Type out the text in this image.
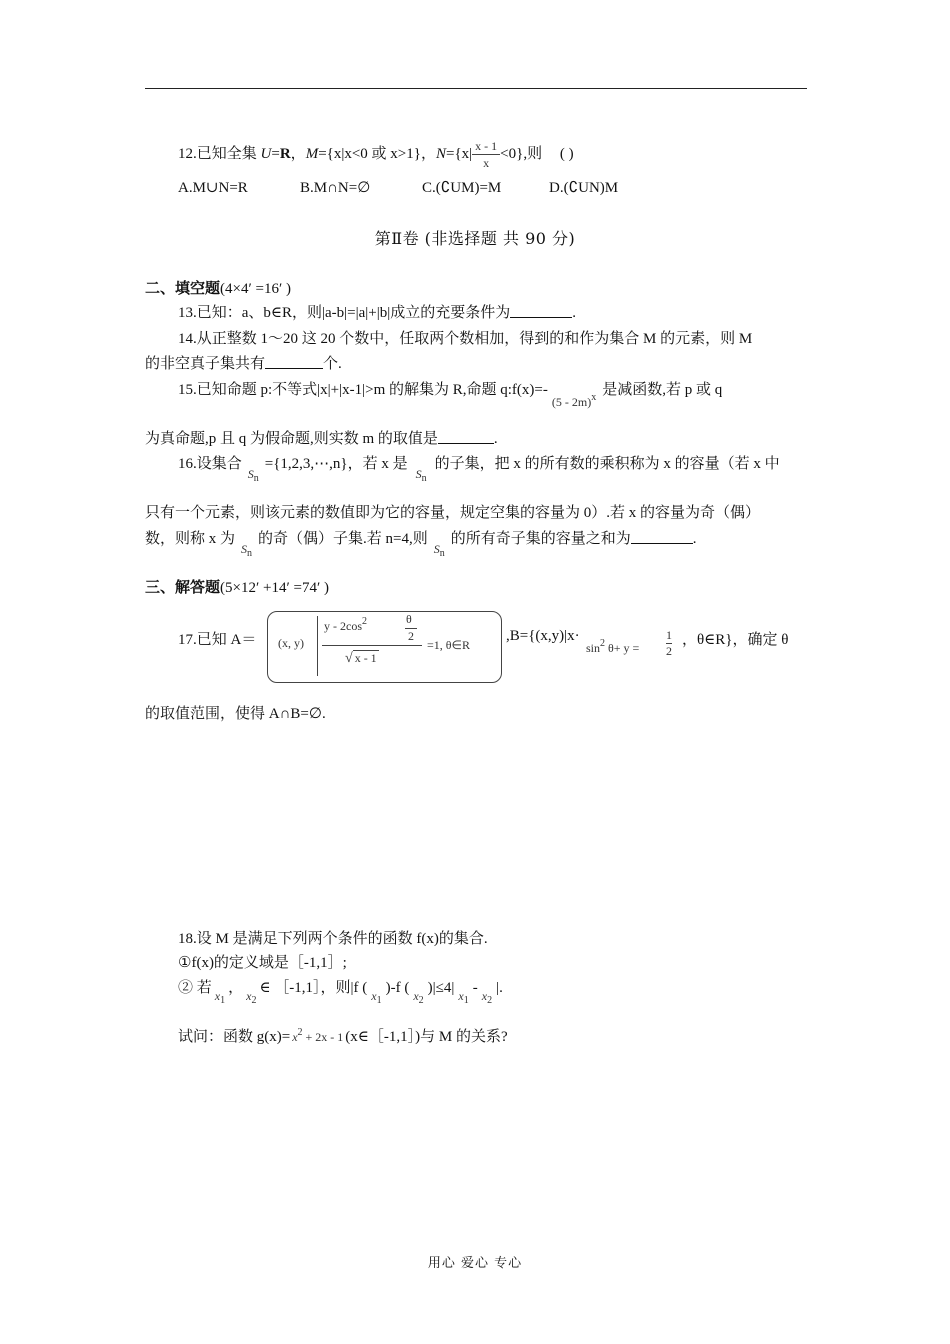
12.已知全集 U=R，M={x|x<0 或 x>1}，$N=\{x| \frac{x - 1}{x} <0\}$,则 ( )
A.M∪N=R	B.M∩N=∅	C.(∁UM)=M	D.(∁UN)M
第Ⅱ卷 (非选择题 共 90 分)
二、填空题(4×4′ =16′ )
13.已知：a、b∈R，则|a-b|=|a|+|b|成立的充要条件为	.
14.从正整数 1～20 这 20 个数中，任取两个数相加，得到的和作为集合 M 的元素，则 M
的非空真子集共有	个.
15.已知命题 p:不等式|x|+|x-1|>m 的解集为 R,命题 $q:f(x)=-_{(5 - 2m)^x}$ 是减函数,若 p 或 q
为真命题,p 且 q 为假命题,则实数 m 的取值是	.
16.设集合$_{S_n}$={1,2,3,⋯,n}，若 x 是$_{S_n}$的子集，把 x 的所有数的乘积称为 x 的容量（若 x 中
只有一个元素，则该元素的数值即为它的容量，规定空集的容量为 0）.若 x 的容量为奇（偶）
数，则称 x 为$_{S_n}$的奇（偶）子集.若 n=4,则$_{S_n}$的所有奇子集的容量之和为	.
三、解答题(5×12′ +14′ =74′ )
17.已知 A＝ (x, y)
y - $2\cos^2$	θ
2
√ x - 1
=1, θ∈R
,B={(x,y)|x·
$\sin^2 \theta+ y$ =
1
2
，θ∈R}，确定 θ
的取值范围，使得 A∩B=∅.
18.设 M 是满足下列两个条件的函数 f(x)的集合.
①f(x)的定义域是［-1,1］;
② 若 $_{x_1}$， $_{x_2}$∈ ［-1,1］，则|f ( $_{x_1}$)-f ( $_{x_2}$)|≤4| $_{x_1}$- $_{x_2}$|.
试问：函数 $g(x)= x^2 + 2x - 1$ (x∈［-1,1］)与 M 的关系?
用心 爱心 专心
